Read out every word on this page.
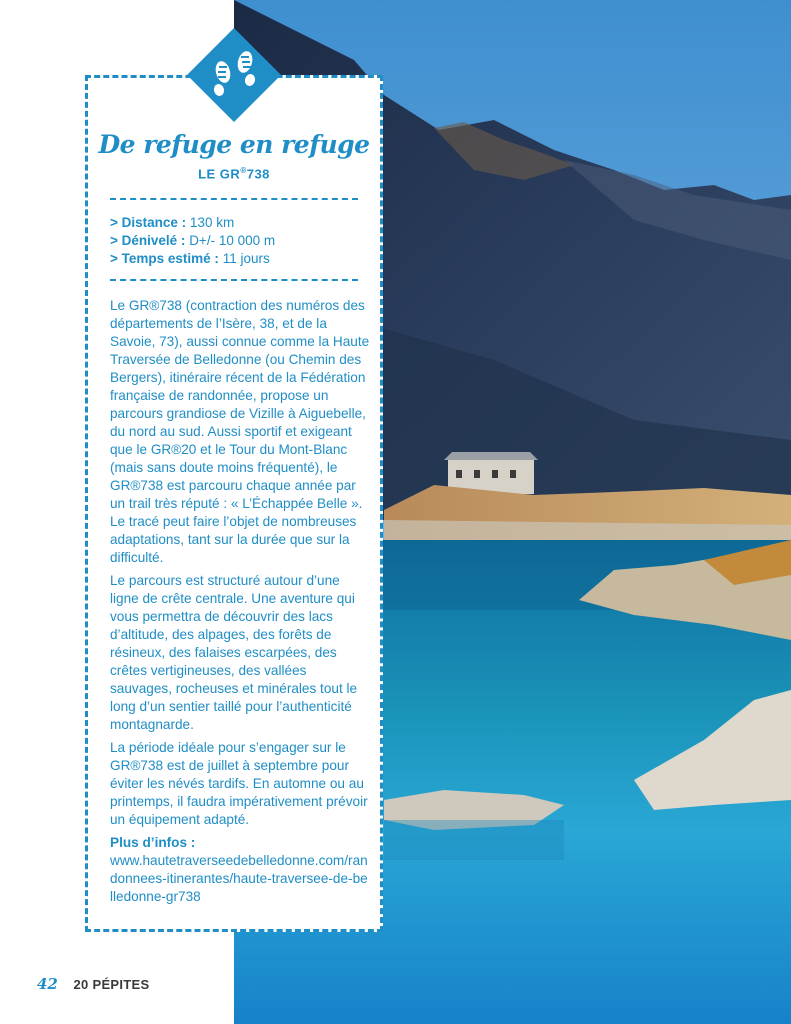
De refuge en refuge
LE GR®738
> Distance : 130 km
> Dénivelé : D+/- 10 000 m
> Temps estimé : 11 jours

Le GR®738 (contraction des numéros des départements de l’Isère, 38, et de la Savoie, 73), aussi connue comme la Haute Traversée de Belledonne (ou Chemin des Bergers), itinéraire récent de la Fédération française de randonnée, propose un parcours grandiose de Vizille à Aiguebelle, du nord au sud. Aussi sportif et exigeant que le GR®20 et le Tour du Mont-Blanc (mais sans doute moins fréquenté), le GR®738 est parcouru chaque année par un trail très réputé : « L’Échappée Belle ». Le tracé peut faire l’objet de nombreuses adaptations, tant sur la durée que sur la difficulté.

Le parcours est structuré autour d’une ligne de crête centrale. Une aventure qui vous permettra de découvrir des lacs d’altitude, des alpages, des forêts de résineux, des falaises escarpées, des crêtes vertigineuses, des vallées sauvages, rocheuses et minérales tout le long d’un sentier taillé pour l’authenticité montagnarde.

La période idéale pour s’engager sur le GR®738 est de juillet à septembre pour éviter les névés tardifs. En automne ou au printemps, il faudra impérativement prévoir un équipement adapté.

Plus d’infos :

www.hautetraverseedebelledonne.com/randonnees-itinerantes/haute-traversee-de-belledonne-gr738

42 20 PÉPITES
